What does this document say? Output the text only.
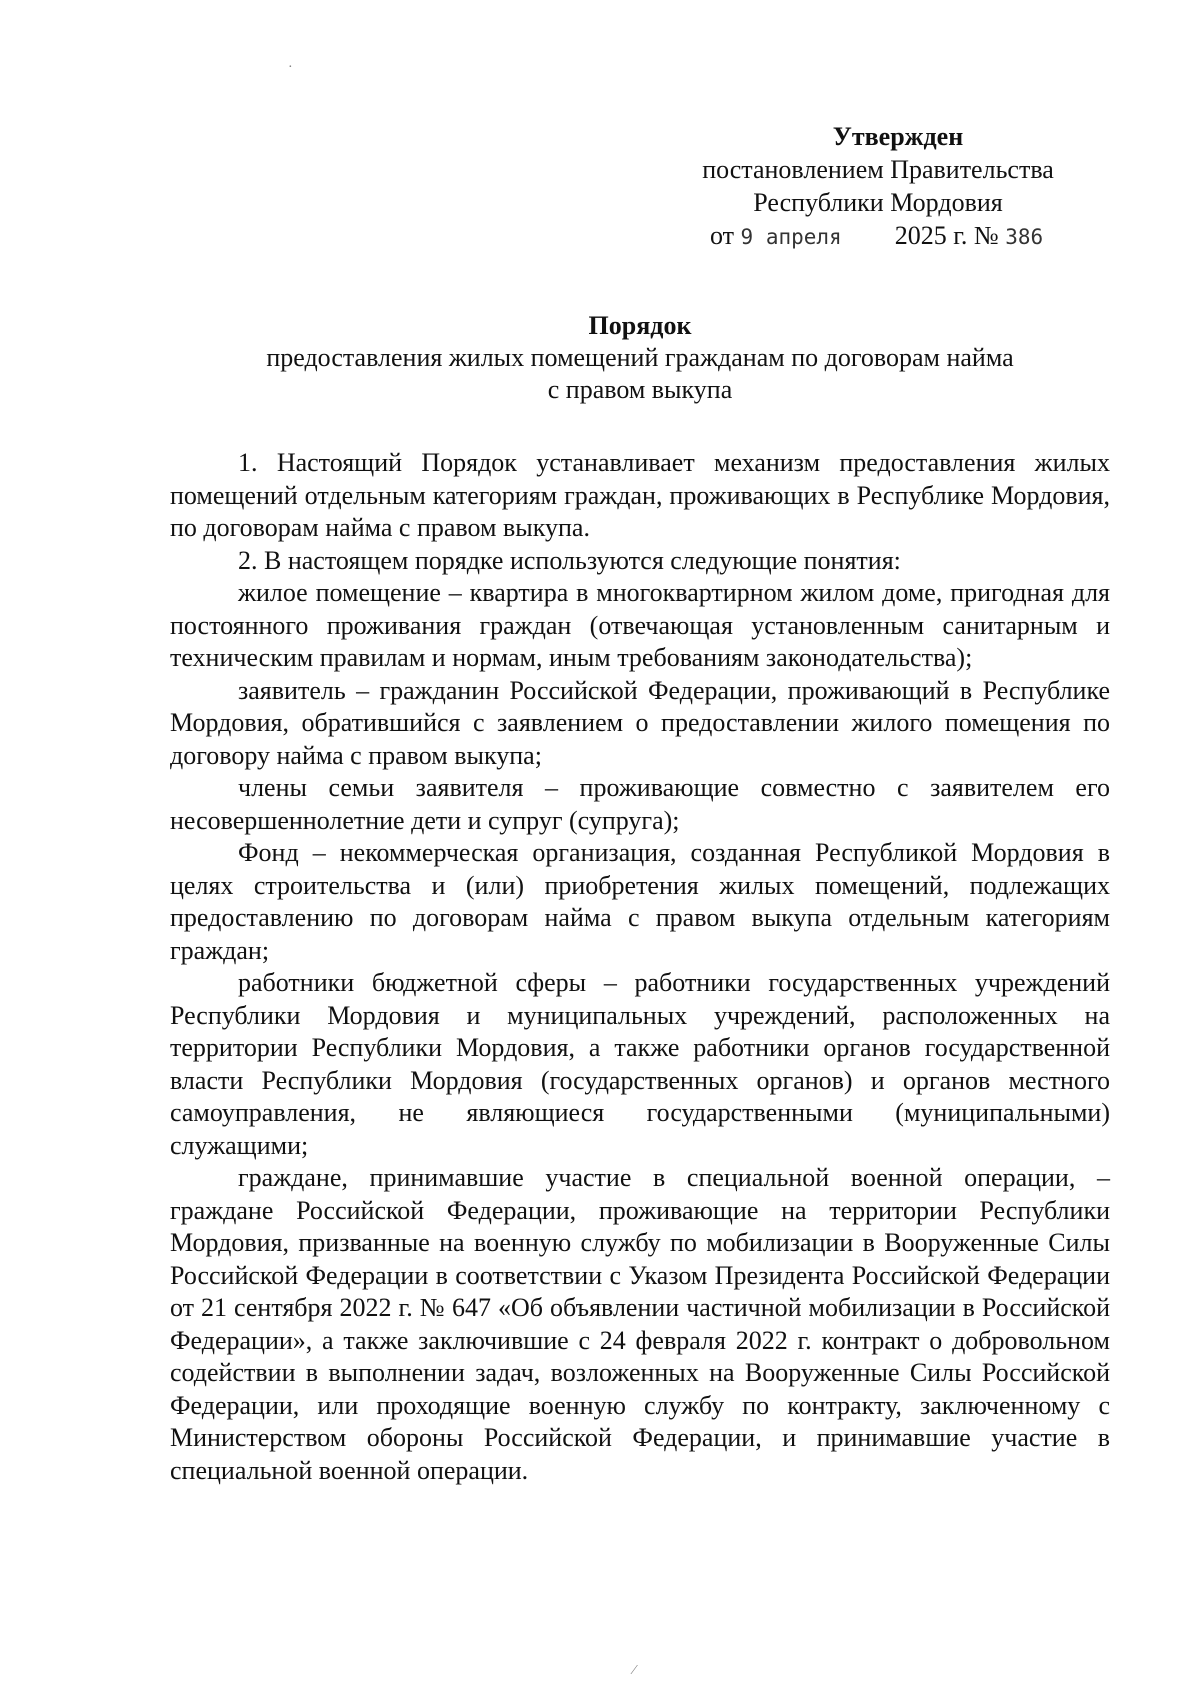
Утвержден
постановлением Правительства
Республики Мордовия
от 9 апреля 2025 г. № 386
Порядок
предоставления жилых помещений гражданам по договорам найма
с правом выкупа

1. Настоящий Порядок устанавливает механизм предоставления жилых помещений отдельным категориям граждан, проживающих в Республике Мордовия, по договорам найма с правом выкупа.

2. В настоящем порядке используются следующие понятия:

жилое помещение – квартира в многоквартирном жилом доме, пригодная для постоянного проживания граждан (отвечающая установленным санитарным и техническим правилам и нормам, иным требованиям законодательства);

заявитель – гражданин Российской Федерации, проживающий в Республике Мордовия, обратившийся с заявлением о предоставлении жилого помещения по договору найма с правом выкупа;

члены семьи заявителя – проживающие совместно с заявителем его несовершеннолетние дети и супруг (супруга);

Фонд – некоммерческая организация, созданная Республикой Мордовия в целях строительства и (или) приобретения жилых помещений, подлежащих предоставлению по договорам найма с правом выкупа отдельным категориям граждан;

работники бюджетной сферы – работники государственных учреждений Республики Мордовия и муниципальных учреждений, расположенных на территории Республики Мордовия, а также работники органов государственной власти Республики Мордовия (государственных органов) и органов местного самоуправления, не являющиеся государственными (муниципальными) служащими;

граждане, принимавшие участие в специальной военной операции, – граждане Российской Федерации, проживающие на территории Республики Мордовия, призванные на военную службу по мобилизации в Вооруженные Силы Российской Федерации в соответствии с Указом Президента Российской Федерации от 21 сентября 2022 г. № 647 «Об объявлении частичной мобилизации в Российской Федерации», а также заключившие с 24 февраля 2022 г. контракт о добровольном содействии в выполнении задач, возложенных на Вооруженные Силы Российской Федерации, или проходящие военную службу по контракту, заключенному с Министерством обороны Российской Федерации, и принимавшие участие в специальной военной операции.

·
⁄
